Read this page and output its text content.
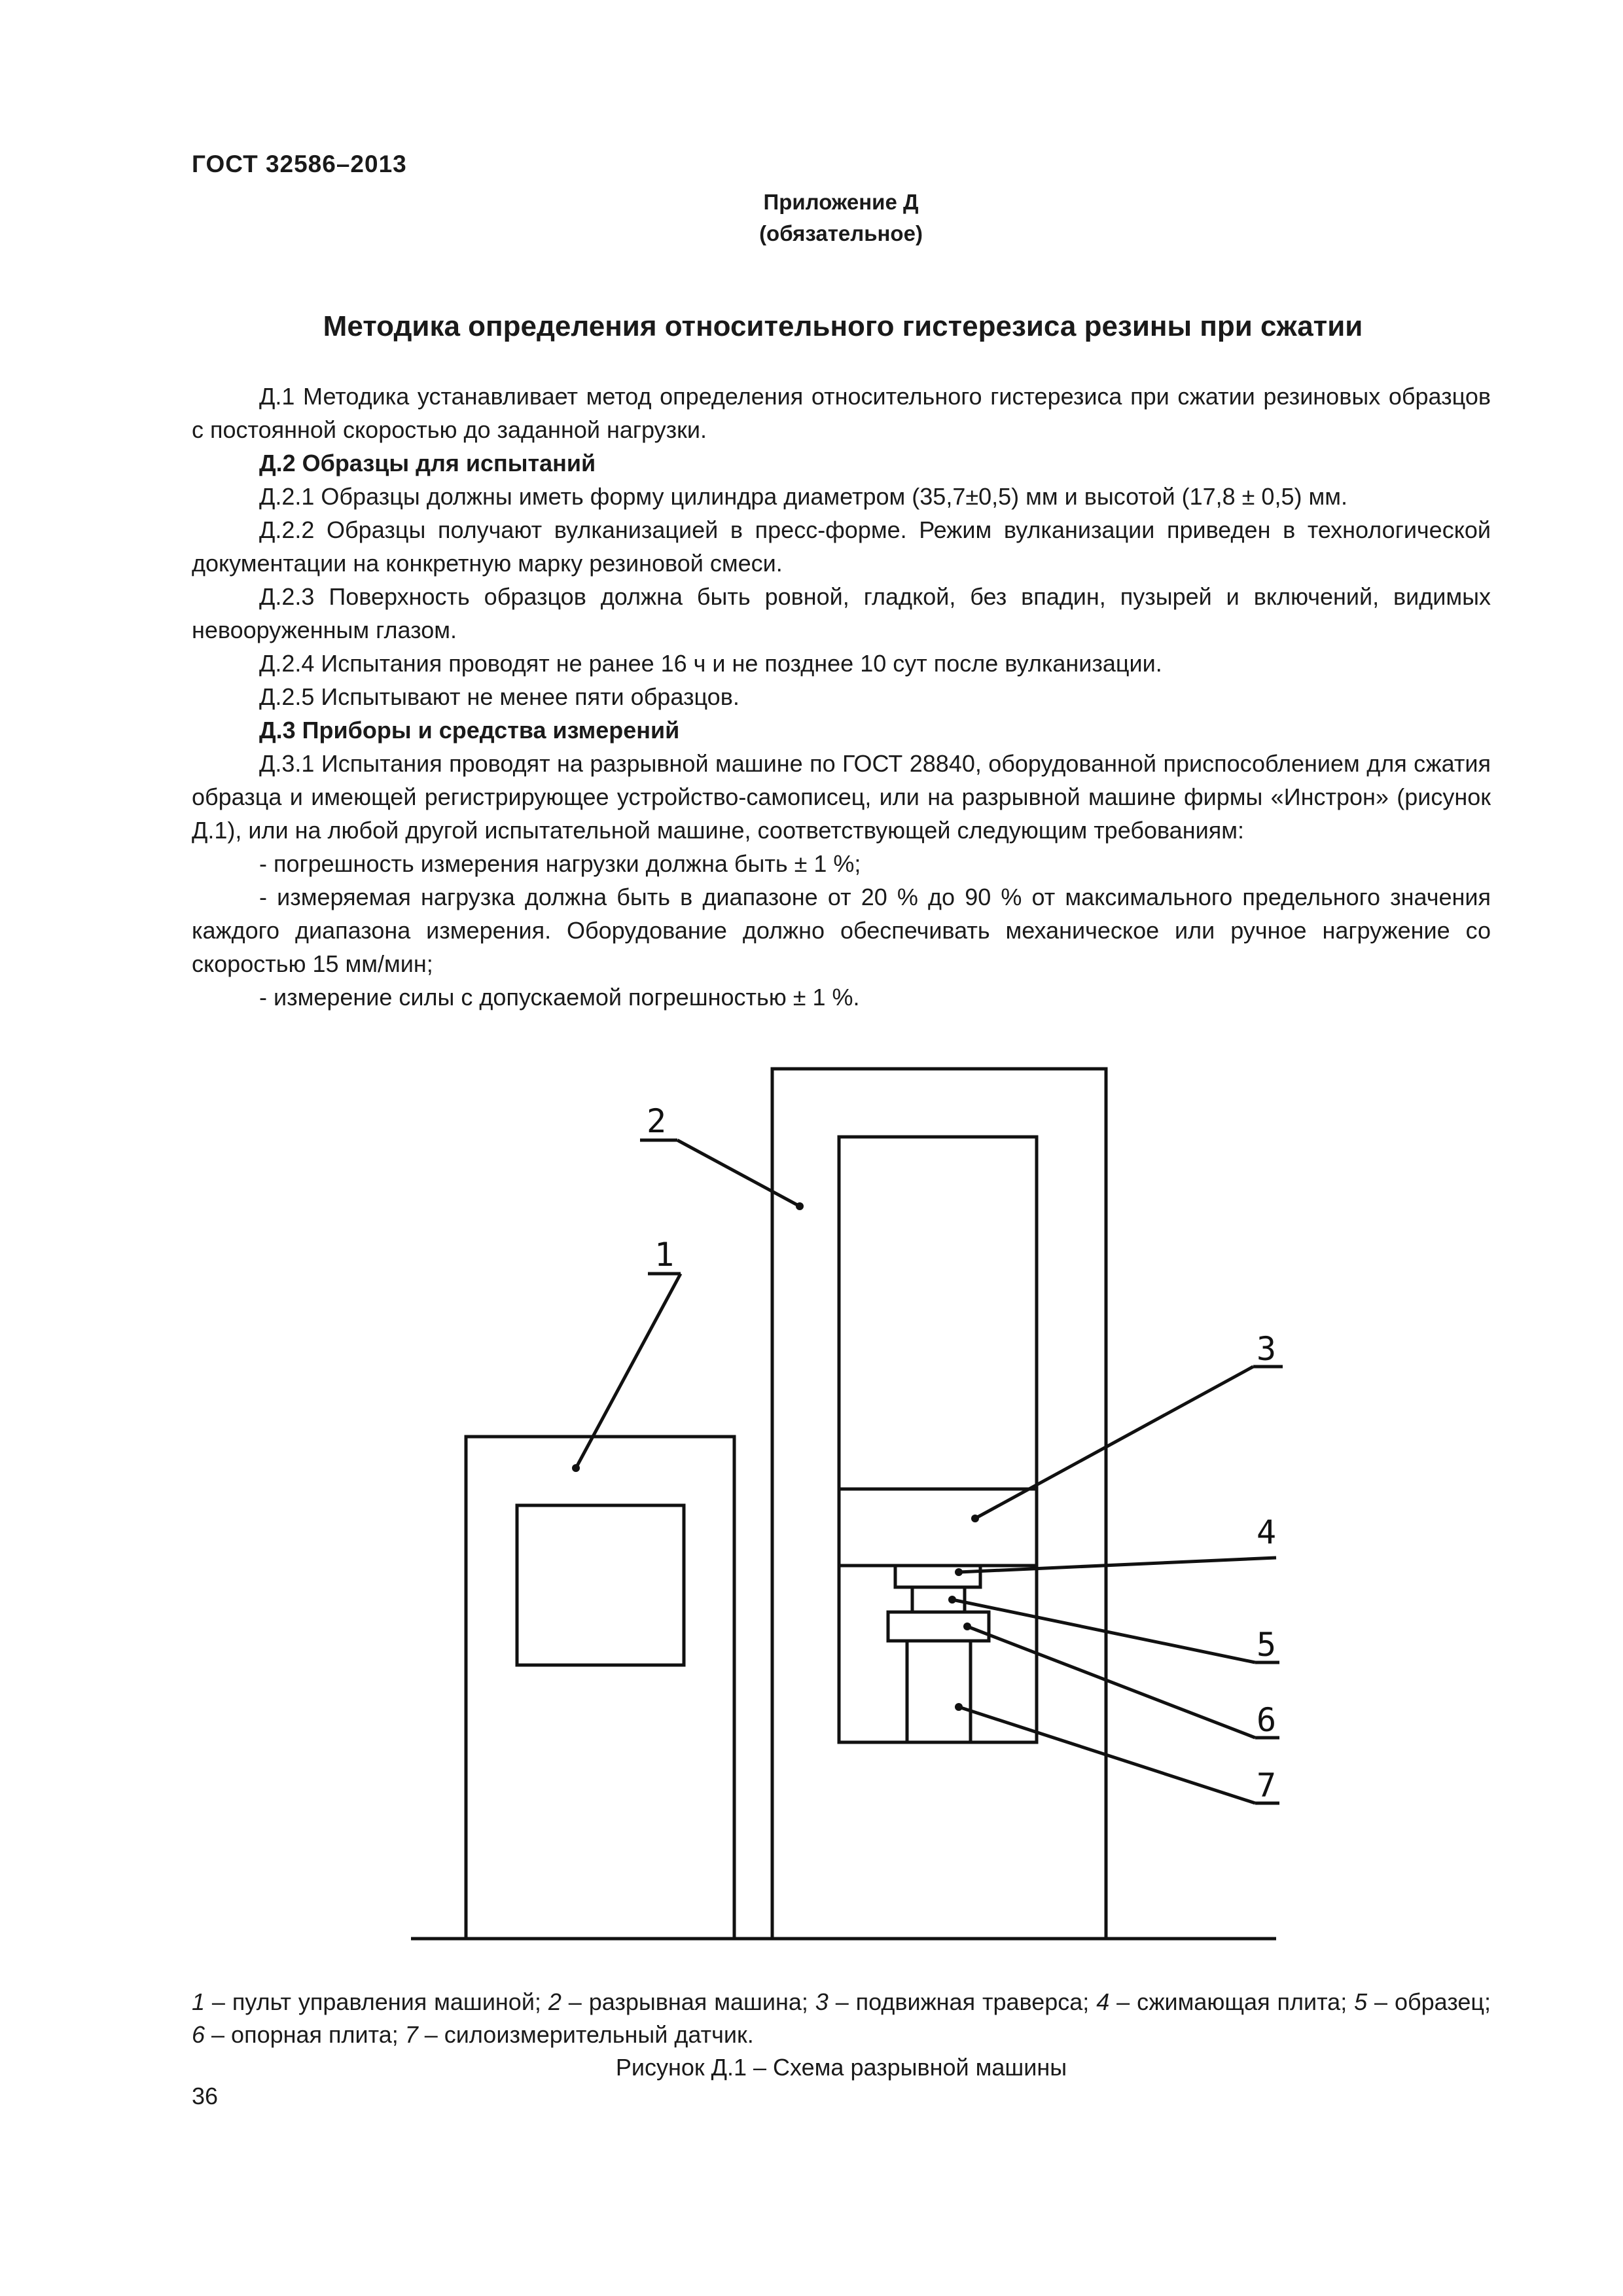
ГОСТ 32586–2013
Приложение Д
(обязательное)
Методика определения относительного гистерезиса резины при сжатии

Д.1 Методика устанавливает метод определения относительного гистерезиса при сжатии резиновых образцов с постоянной скоростью до заданной нагрузки.

Д.2 Образцы для испытаний

Д.2.1 Образцы должны иметь форму цилиндра диаметром (35,7±0,5) мм и высотой (17,8 ± 0,5) мм.

Д.2.2 Образцы получают вулканизацией в пресс-форме. Режим вулканизации приведен в технологической документации на конкретную марку резиновой смеси.

Д.2.3 Поверхность образцов должна быть ровной, гладкой, без впадин, пузырей и включений, видимых невооруженным глазом.

Д.2.4 Испытания проводят не ранее 16 ч и не позднее 10 сут после вулканизации.

Д.2.5 Испытывают не менее пяти образцов.

Д.3 Приборы и средства измерений

Д.3.1 Испытания проводят на разрывной машине по ГОСТ 28840, оборудованной приспособлением для сжатия образца и имеющей регистрирующее устройство-самописец, или на разрывной машине фирмы «Инстрон» (рисунок Д.1), или на любой другой испытательной машине, соответствующей следующим требованиям:

- погрешность измерения нагрузки должна быть ± 1 %;

- измеряемая нагрузка должна быть в диапазоне от 20 % до 90 % от максимального предельного значения каждого диапазона измерения. Оборудование должно обеспечивать механическое или ручное нагружение со скоростью 15 мм/мин;

- измерение силы с допускаемой погрешностью ± 1 %.

2
1
3
4
5
6
7

1 – пульт управления машиной; 2 – разрывная машина; 3 – подвижная траверса; 4 – сжимающая плита; 5 – образец; 6 – опорная плита; 7 – силоизмерительный датчик.

Рисунок Д.1 – Схема разрывной машины

36
